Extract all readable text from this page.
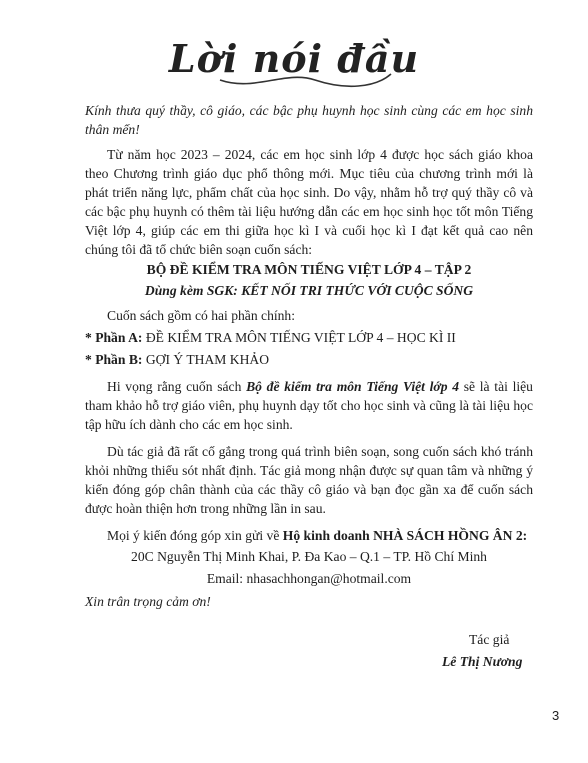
Lời nói đầu

Kính thưa quý thầy, cô giáo, các bậc phụ huynh học sinh cùng các em học sinh thân mến!

Từ năm học 2023 – 2024, các em học sinh lớp 4 được học sách giáo khoa theo Chương trình giáo dục phổ thông mới. Mục tiêu của chương trình mới là phát triển năng lực, phẩm chất của học sinh. Do vậy, nhằm hỗ trợ quý thầy cô và các bậc phụ huynh có thêm tài liệu hướng dẫn các em học sinh học tốt môn Tiếng Việt lớp 4, giúp các em thi giữa học kì I và cuối học kì I đạt kết quả cao nên chúng tôi đã tổ chức biên soạn cuốn sách:

BỘ ĐỀ KIỂM TRA MÔN TIẾNG VIỆT LỚP 4 – TẬP 2

Dùng kèm SGK: KẾT NỐI TRI THỨC VỚI CUỘC SỐNG

Cuốn sách gồm có hai phần chính:

* Phần A: ĐỀ KIỂM TRA MÔN TIẾNG VIỆT LỚP 4 – HỌC KÌ II

* Phần B: GỢI Ý THAM KHẢO

Hi vọng rằng cuốn sách Bộ đề kiểm tra môn Tiếng Việt lớp 4 sẽ là tài liệu tham khảo hỗ trợ giáo viên, phụ huynh dạy tốt cho học sinh và cũng là tài liệu học tập hữu ích dành cho các em học sinh.

Dù tác giả đã rất cố gắng trong quá trình biên soạn, song cuốn sách khó tránh khỏi những thiếu sót nhất định. Tác giả mong nhận được sự quan tâm và những ý kiến đóng góp chân thành của các thầy cô giáo và bạn đọc gần xa để cuốn sách được hoàn thiện hơn trong những lần in sau.

Mọi ý kiến đóng góp xin gửi về Hộ kinh doanh NHÀ SÁCH HỒNG ÂN 2:

20C Nguyễn Thị Minh Khai, P. Đa Kao – Q.1 – TP. Hồ Chí Minh

Email: nhasachhongan@hotmail.com

Xin trân trọng cảm ơn!

Tác giả
Lê Thị Nương
3
